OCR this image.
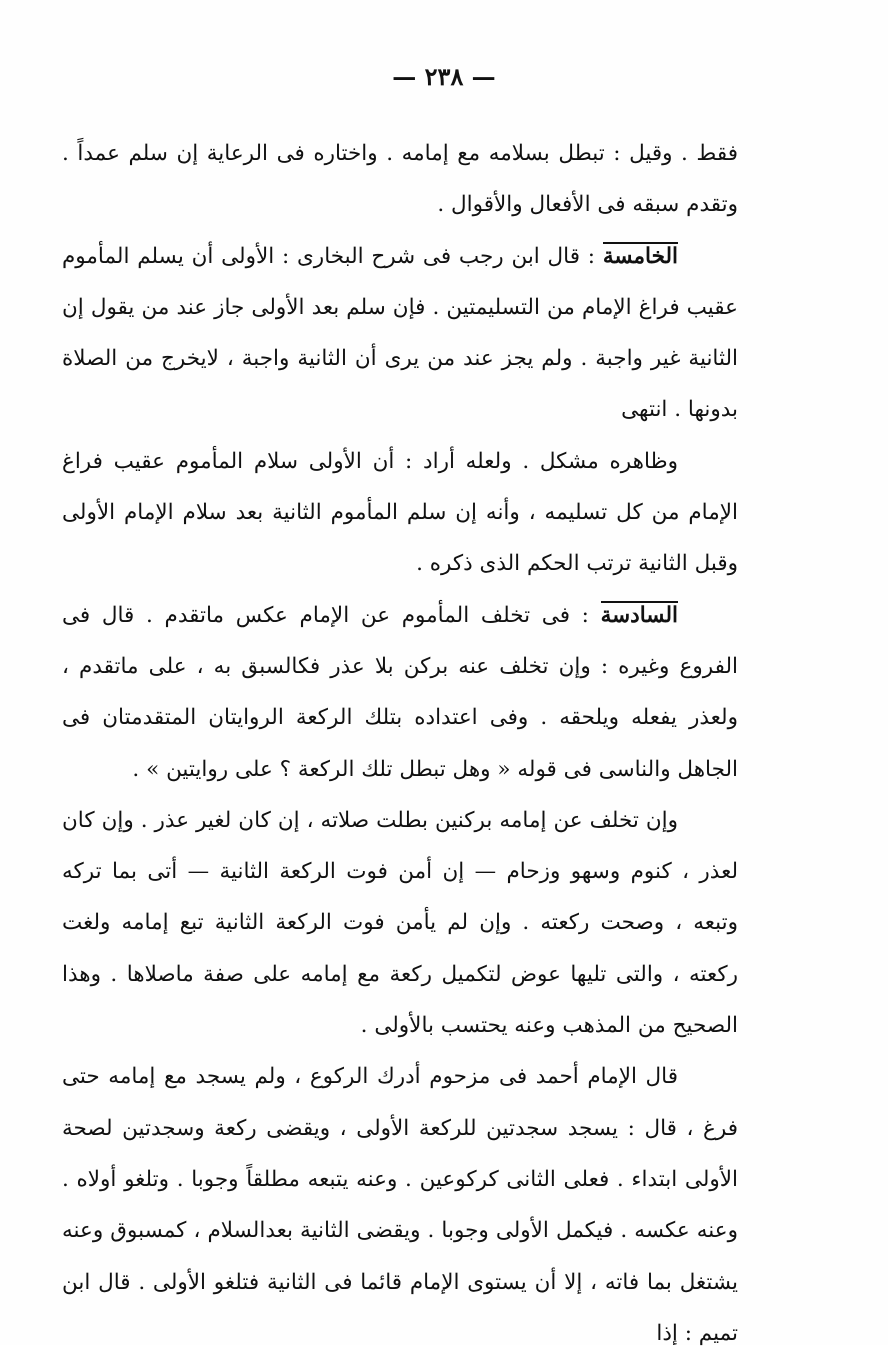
— ٢٣٨ —

فقط . وقيل : تبطل بسلامه مع إمامه . واختاره فى الرعاية إن سلم عمداً . وتقدم سبقه فى الأفعال والأقوال .

الخامسة : قال ابن رجب فى شرح البخارى : الأولى أن يسلم المأموم عقيب فراغ الإمام من التسليمتين . فإن سلم بعد الأولى جاز عند من يقول إن الثانية غير واجبة . ولم يجز عند من يرى أن الثانية واجبة ، لايخرج من الصلاة بدونها . انتهى

وظاهره مشكل . ولعله أراد : أن الأولى سلام المأموم عقيب فراغ الإمام من كل تسليمه ، وأنه إن سلم المأموم الثانية بعد سلام الإمام الأولى وقبل الثانية ترتب الحكم الذى ذكره .

السادسة : فى تخلف المأموم عن الإمام عكس ماتقدم . قال فى الفروع وغيره : وإن تخلف عنه بركن بلا عذر فكالسبق به ، على ماتقدم ، ولعذر يفعله ويلحقه . وفى اعتداده بتلك الركعة الروايتان المتقدمتان فى الجاهل والناسى فى قوله « وهل تبطل تلك الركعة ؟ على روايتين » .

وإن تخلف عن إمامه بركنين بطلت صلاته ، إن كان لغير عذر . وإن كان لعذر ، كنوم وسهو وزحام — إن أمن فوت الركعة الثانية — أتى بما تركه وتبعه ، وصحت ركعته . وإن لم يأمن فوت الركعة الثانية تبع إمامه ولغت ركعته ، والتى تليها عوض لتكميل ركعة مع إمامه على صفة ماصلاها . وهذا الصحيح من المذهب وعنه يحتسب بالأولى .

قال الإمام أحمد فى مزحوم أدرك الركوع ، ولم يسجد مع إمامه حتى فرغ ، قال : يسجد سجدتين للركعة الأولى ، ويقضى ركعة وسجدتين لصحة الأولى ابتداء . فعلى الثانى كركوعين . وعنه يتبعه مطلقاً وجوبا . وتلغو أولاه . وعنه عكسه . فيكمل الأولى وجوبا . ويقضى الثانية بعدالسلام ، كمسبوق وعنه يشتغل بما فاته ، إلا أن يستوى الإمام قائما فى الثانية فتلغو الأولى . قال ابن تميم : إذا
